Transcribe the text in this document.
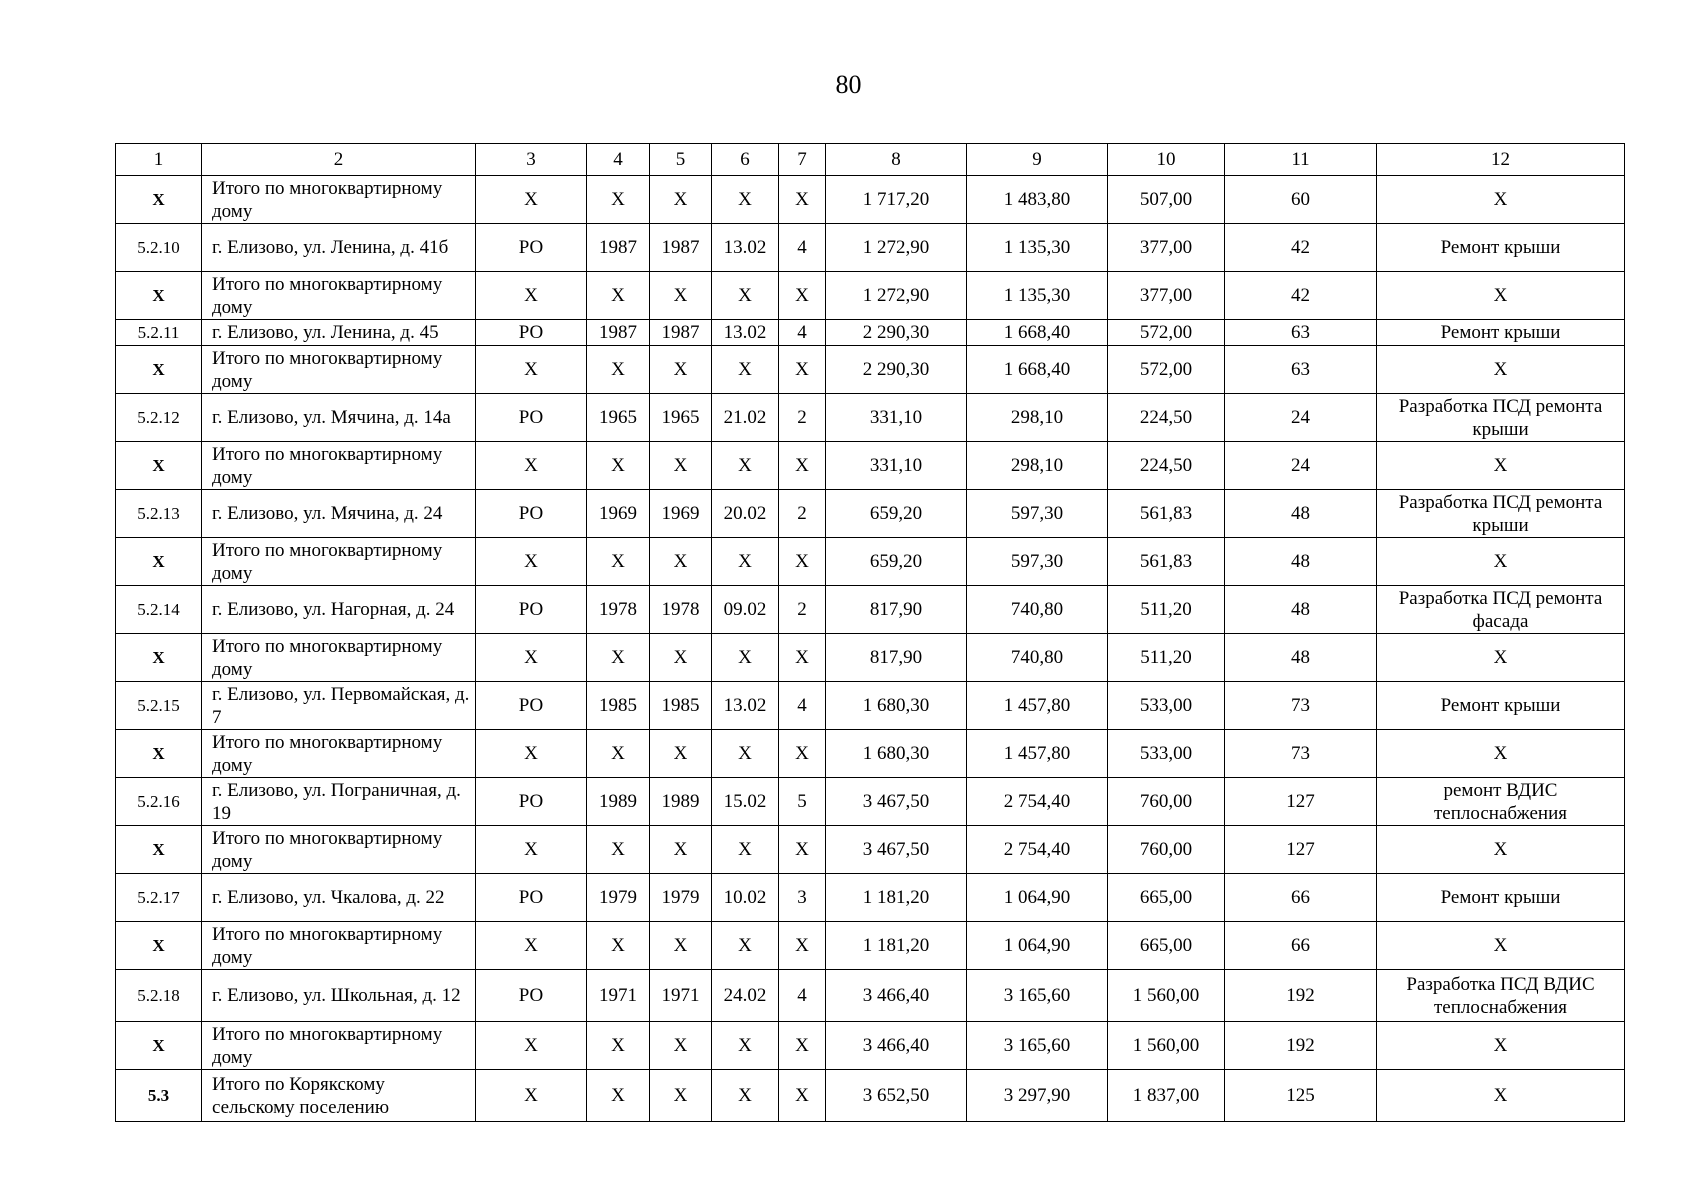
80
1	2	3	4	5	6	7	8	9	10	11	12
Х	Итого по многоквартирному дому	Х	Х	Х	Х	Х	1 717,20	1 483,80	507,00	60	Х
5.2.10	г. Елизово, ул. Ленина, д. 41б	РО	1987	1987	13.02	4	1 272,90	1 135,30	377,00	42	Ремонт крыши
Х	Итого по многоквартирному дому	Х	Х	Х	Х	Х	1 272,90	1 135,30	377,00	42	Х
5.2.11	г. Елизово, ул. Ленина, д. 45	РО	1987	1987	13.02	4	2 290,30	1 668,40	572,00	63	Ремонт крыши
Х	Итого по многоквартирному дому	Х	Х	Х	Х	Х	2 290,30	1 668,40	572,00	63	Х
5.2.12	г. Елизово, ул. Мячина, д. 14а	РО	1965	1965	21.02	2	331,10	298,10	224,50	24	Разработка ПСД ремонта крыши
Х	Итого по многоквартирному дому	Х	Х	Х	Х	Х	331,10	298,10	224,50	24	Х
5.2.13	г. Елизово, ул. Мячина, д. 24	РО	1969	1969	20.02	2	659,20	597,30	561,83	48	Разработка ПСД ремонта крыши
Х	Итого по многоквартирному дому	Х	Х	Х	Х	Х	659,20	597,30	561,83	48	Х
5.2.14	г. Елизово, ул. Нагорная, д. 24	РО	1978	1978	09.02	2	817,90	740,80	511,20	48	Разработка ПСД ремонта фасада
Х	Итого по многоквартирному дому	Х	Х	Х	Х	Х	817,90	740,80	511,20	48	Х
5.2.15	г. Елизово, ул. Первомайская, д. 7	РО	1985	1985	13.02	4	1 680,30	1 457,80	533,00	73	Ремонт крыши
Х	Итого по многоквартирному дому	Х	Х	Х	Х	Х	1 680,30	1 457,80	533,00	73	Х
5.2.16	г. Елизово, ул. Пограничная, д. 19	РО	1989	1989	15.02	5	3 467,50	2 754,40	760,00	127	ремонт ВДИС теплоснабжения
Х	Итого по многоквартирному дому	Х	Х	Х	Х	Х	3 467,50	2 754,40	760,00	127	Х
5.2.17	г. Елизово, ул. Чкалова, д. 22	РО	1979	1979	10.02	3	1 181,20	1 064,90	665,00	66	Ремонт крыши
Х	Итого по многоквартирному дому	Х	Х	Х	Х	Х	1 181,20	1 064,90	665,00	66	Х
5.2.18	г. Елизово, ул. Школьная, д. 12	РО	1971	1971	24.02	4	3 466,40	3 165,60	1 560,00	192	Разработка ПСД ВДИС теплоснабжения
Х	Итого по многоквартирному дому	Х	Х	Х	Х	Х	3 466,40	3 165,60	1 560,00	192	Х
5.3	Итого по Корякскому сельскому поселению	Х	Х	Х	Х	Х	3 652,50	3 297,90	1 837,00	125	Х
